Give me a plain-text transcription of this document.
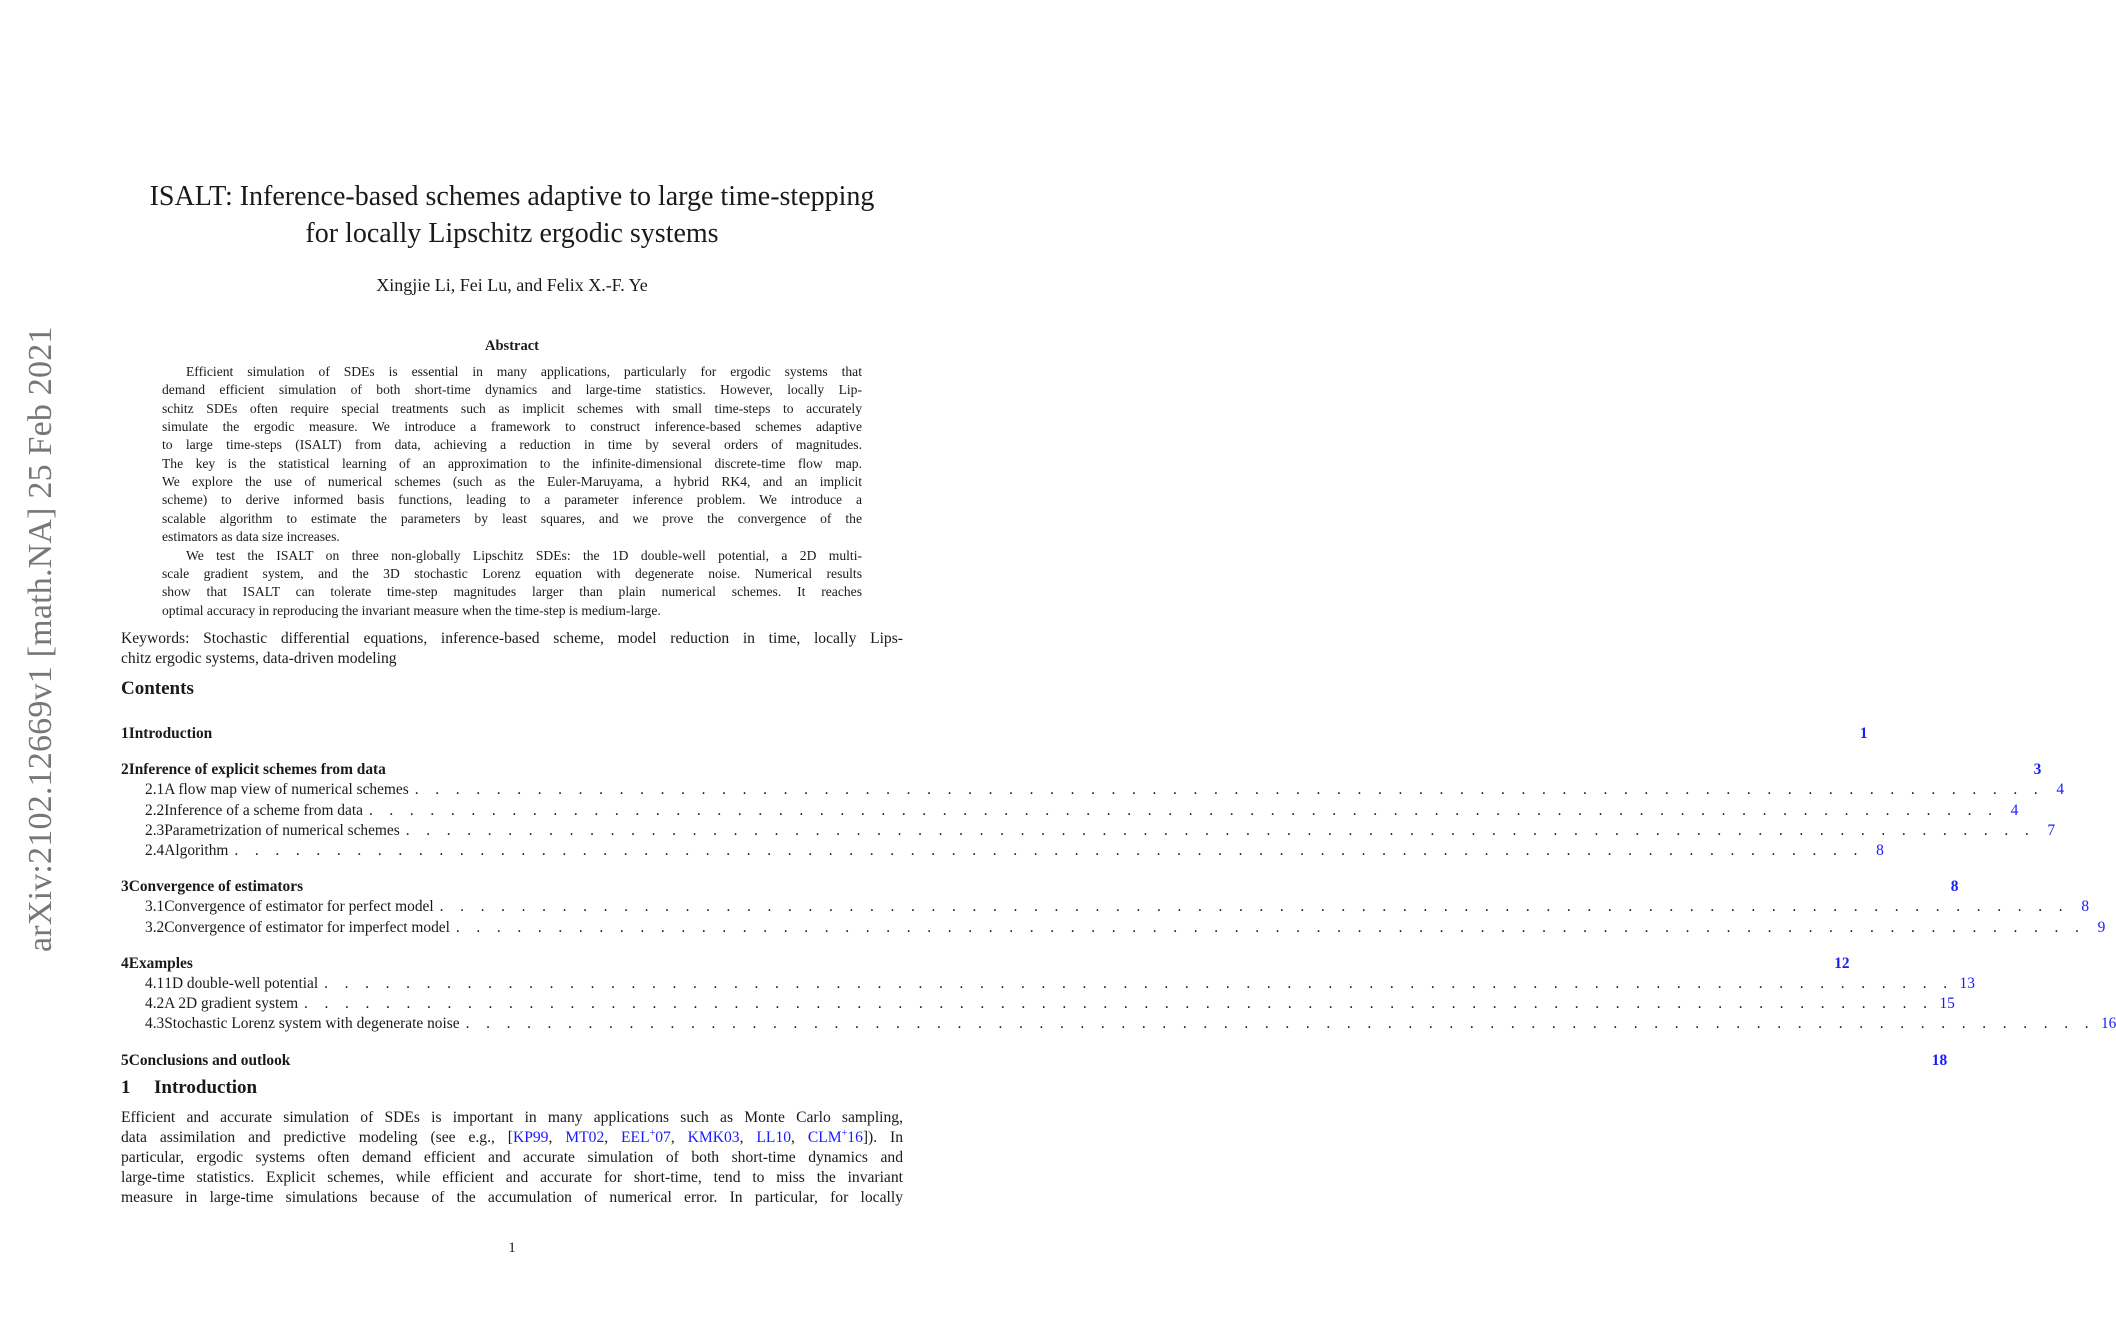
arXiv:2102.12669v1 [math.NA] 25 Feb 2021
ISALT: Inference-based schemes adaptive to large time-stepping
for locally Lipschitz ergodic systems
Xingjie Li, Fei Lu, and Felix X.-F. Ye
Abstract
Efficient simulation of SDEs is essential in many applications, particularly for ergodic systems that
demand efficient simulation of both short-time dynamics and large-time statistics. However, locally Lip-
schitz SDEs often require special treatments such as implicit schemes with small time-steps to accurately
simulate the ergodic measure. We introduce a framework to construct inference-based schemes adaptive
to large time-steps (ISALT) from data, achieving a reduction in time by several orders of magnitudes.
The key is the statistical learning of an approximation to the infinite-dimensional discrete-time flow map.
We explore the use of numerical schemes (such as the Euler-Maruyama, a hybrid RK4, and an implicit
scheme) to derive informed basis functions, leading to a parameter inference problem. We introduce a
scalable algorithm to estimate the parameters by least squares, and we prove the convergence of the
estimators as data size increases.
We test the ISALT on three non-globally Lipschitz SDEs: the 1D double-well potential, a 2D multi-
scale gradient system, and the 3D stochastic Lorenz equation with degenerate noise. Numerical results
show that ISALT can tolerate time-step magnitudes larger than plain numerical schemes. It reaches
optimal accuracy in reproducing the invariant measure when the time-step is medium-large.
Keywords: Stochastic differential equations, inference-based scheme, model reduction in time, locally Lips-
chitz ergodic systems, data-driven modeling
Contents
1 Introduction	1
2 Inference of explicit schemes from data	3
2.1 A flow map view of numerical schemes . . . . . . . . . . . . . . . . . . . . . . . . . . . . . . . . . . . . . . . . . . . . . . . . . . . . . . . . . . . . . . . . . . . . . . . . . . . . . . . . 4
2.2 Inference of a scheme from data . . . . . . . . . . . . . . . . . . . . . . . . . . . . . . . . . . . . . . . . . . . . . . . . . . . . . . . . . . . . . . . . . . . . . . . . . . . . . . . . 4
2.3 Parametrization of numerical schemes . . . . . . . . . . . . . . . . . . . . . . . . . . . . . . . . . . . . . . . . . . . . . . . . . . . . . . . . . . . . . . . . . . . . . . . . . . . . . . . . 7
2.4 Algorithm . . . . . . . . . . . . . . . . . . . . . . . . . . . . . . . . . . . . . . . . . . . . . . . . . . . . . . . . . . . . . . . . . . . . . . . . . . . . . . . . 8
3 Convergence of estimators	8
3.1 Convergence of estimator for perfect model . . . . . . . . . . . . . . . . . . . . . . . . . . . . . . . . . . . . . . . . . . . . . . . . . . . . . . . . . . . . . . . . . . . . . . . . . . . . . . . . 8
3.2 Convergence of estimator for imperfect model . . . . . . . . . . . . . . . . . . . . . . . . . . . . . . . . . . . . . . . . . . . . . . . . . . . . . . . . . . . . . . . . . . . . . . . . . . . . . . . . 9
4 Examples	12
4.1 1D double-well potential . . . . . . . . . . . . . . . . . . . . . . . . . . . . . . . . . . . . . . . . . . . . . . . . . . . . . . . . . . . . . . . . . . . . . . . . . . . . . . . . 13
4.2 A 2D gradient system . . . . . . . . . . . . . . . . . . . . . . . . . . . . . . . . . . . . . . . . . . . . . . . . . . . . . . . . . . . . . . . . . . . . . . . . . . . . . . . . 15
4.3 Stochastic Lorenz system with degenerate noise . . . . . . . . . . . . . . . . . . . . . . . . . . . . . . . . . . . . . . . . . . . . . . . . . . . . . . . . . . . . . . . . . . . . . . . . . . . . . . . . 16
5 Conclusions and outlook	18
1 Introduction
Efficient and accurate simulation of SDEs is important in many applications such as Monte Carlo sampling,
data assimilation and predictive modeling (see e.g., [KP99, MT02, EEL+07, KMK03, LL10, CLM+16]). In
particular, ergodic systems often demand efficient and accurate simulation of both short-time dynamics and
large-time statistics. Explicit schemes, while efficient and accurate for short-time, tend to miss the invariant
measure in large-time simulations because of the accumulation of numerical error. In particular, for locally
1
